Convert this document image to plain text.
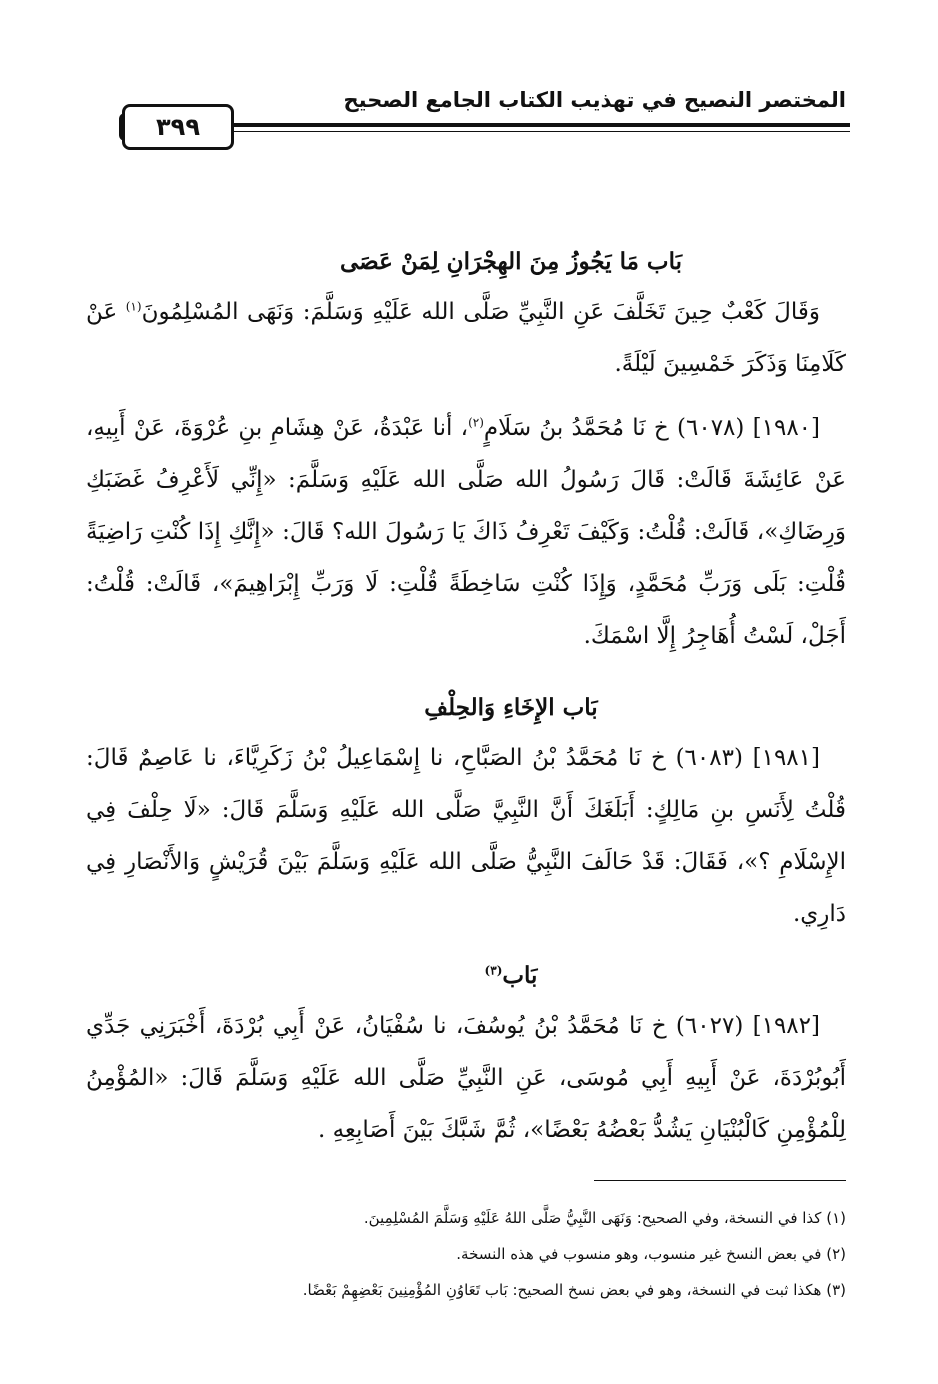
المختصر النصيح في تهذيب الكتاب الجامع الصحيح
٣٩٩

بَاب مَا يَجُوزُ مِنَ الهِجْرَانِ لِمَنْ عَصَى

وَقَالَ كَعْبٌ حِينَ تَخَلَّفَ عَنِ النَّبِيِّ صَلَّى الله عَلَيْهِ وَسَلَّمَ: وَنَهَى المُسْلِمُونَ$^{(١)}$ عَنْ كَلَامِنَا وَذَكَرَ خَمْسِينَ لَيْلَةً.

[١٩٨٠] (٦٠٧٨) خ نَا مُحَمَّدُ بنُ سَلَامٍ$^{(٢)}$، أنا عَبْدَةُ، عَنْ هِشَامِ بنِ عُرْوَةَ، عَنْ أَبِيهِ، عَنْ عَائِشَةَ قَالَتْ: قَالَ رَسُولُ الله صَلَّى الله عَلَيْهِ وَسَلَّمَ: «إِنِّي لَأَعْرِفُ غَضَبَكِ وَرِضَاكِ»، قَالَتْ: قُلْتُ: وَكَيْفَ تَعْرِفُ ذَاكَ يَا رَسُولَ الله؟ قَالَ: «إِنَّكِ إِذَا كُنْتِ رَاضِيَةً قُلْتِ: بَلَى وَرَبِّ مُحَمَّدٍ، وَإِذَا كُنْتِ سَاخِطَةً قُلْتِ: لَا وَرَبِّ إِبْرَاهِيمَ»، قَالَتْ: قُلْتُ: أَجَلْ، لَسْتُ أُهَاجِرُ إِلَّا اسْمَكَ.

بَاب الإِخَاءِ وَالحِلْفِ

[١٩٨١] (٦٠٨٣) خ نَا مُحَمَّدُ بْنُ الصَبَّاحِ، نا إِسْمَاعِيلُ بْنُ زَكَرِيَّاءَ، نا عَاصِمٌ قَالَ: قُلْتُ لِأَنَسِ بنِ مَالِكٍ: أَبَلَغَكَ أَنَّ النَّبِيَّ صَلَّى الله عَلَيْهِ وَسَلَّمَ قَالَ: «لَا حِلْفَ فِي الإِسْلَامِ ؟»، فَقَالَ: قَدْ حَالَفَ النَّبِيُّ صَلَّى الله عَلَيْهِ وَسَلَّمَ بَيْنَ قُرَيْشٍ وَالأَنْصَارِ فِي دَارِي.

بَاب$^{(٣)}$

[١٩٨٢] (٦٠٢٧) خ نَا مُحَمَّدُ بْنُ يُوسُفَ، نا سُفْيَانُ، عَنْ أَبِي بُرْدَةَ، أَخْبَرَنِي جَدِّي أَبُوبُرْدَةَ، عَنْ أَبِيهِ أَبِي مُوسَى، عَنِ النَّبِيِّ صَلَّى الله عَلَيْهِ وَسَلَّمَ قَالَ: «المُؤْمِنُ لِلْمُؤْمِنِ كَالْبُنْيَانِ يَشُدُّ بَعْضُهُ بَعْضًا»، ثُمَّ شَبَّكَ بَيْنَ أَصَابِعِهِ .

(١) كذا في النسخة، وفي الصحيح: وَنَهَى النَّبِيُّ صَلَّى اللهُ عَلَيْهِ وَسَلَّمَ المُسْلِمِينَ.

(٢) في بعض النسخ غير منسوب، وهو منسوب في هذه النسخة.

(٣) هكذا ثبت في النسخة، وهو في بعض نسخ الصحيح: بَاب تَعَاوُنِ المُؤْمِنِينَ بَعْضِهِمْ بَعْضًا.
